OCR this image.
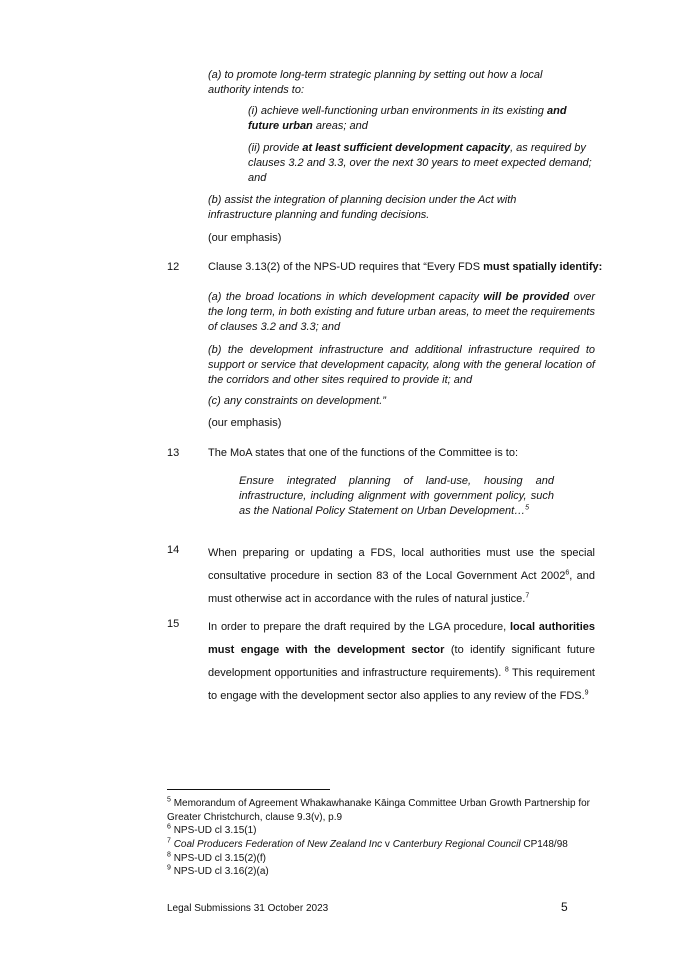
(a) to promote long-term strategic planning by setting out how a local authority intends to:
(i) achieve well-functioning urban environments in its existing and future urban areas; and
(ii) provide at least sufficient development capacity, as required by clauses 3.2 and 3.3, over the next 30 years to meet expected demand; and
(b) assist the integration of planning decision under the Act with infrastructure planning and funding decisions.
(our emphasis)
12	Clause 3.13(2) of the NPS-UD requires that “Every FDS must spatially identify:
(a) the broad locations in which development capacity will be provided over the long term, in both existing and future urban areas, to meet the requirements of clauses 3.2 and 3.3; and
(b) the development infrastructure and additional infrastructure required to support or service that development capacity, along with the general location of the corridors and other sites required to provide it; and
(c) any constraints on development.”
(our emphasis)
13	The MoA states that one of the functions of the Committee is to:
Ensure integrated planning of land-use, housing and infrastructure, including alignment with government policy, such as the National Policy Statement on Urban Development…$^5$
14	When preparing or updating a FDS, local authorities must use the special consultative procedure in section 83 of the Local Government Act 2002$^6$, and must otherwise act in accordance with the rules of natural justice.$^7$
15	In order to prepare the draft required by the LGA procedure, local authorities must engage with the development sector (to identify significant future development opportunities and infrastructure requirements). $^8$ This requirement to engage with the development sector also applies to any review of the FDS.$^9$
$^5$ Memorandum of Agreement Whakawhanake Kāinga Committee Urban Growth Partnership for Greater Christchurch, clause 9.3(v), p.9
$^6$ NPS-UD cl 3.15(1)
$^7$ Coal Producers Federation of New Zealand Inc v Canterbury Regional Council CP148/98
$^8$ NPS-UD cl 3.15(2)(f)
$^9$ NPS-UD cl 3.16(2)(a)
Legal Submissions 31 October 2023	5
